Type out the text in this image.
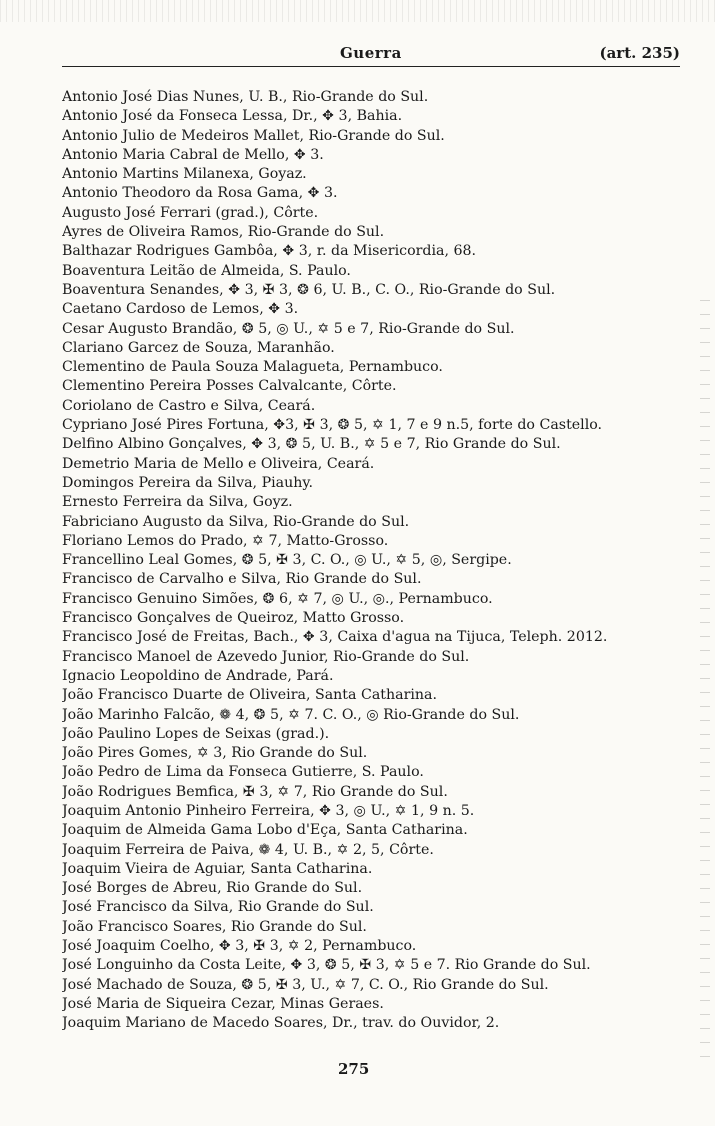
Guerra	(art. 235)
Antonio José Dias Nunes, U. B., Rio-Grande do Sul.
Antonio José da Fonseca Lessa, Dr., ✥ 3, Bahia.
Antonio Julio de Medeiros Mallet, Rio-Grande do Sul.
Antonio Maria Cabral de Mello, ✥ 3.
Antonio Martins Milanexa, Goyaz.
Antonio Theodoro da Rosa Gama, ✥ 3.
Augusto José Ferrari (grad.), Côrte.
Ayres de Oliveira Ramos, Rio-Grande do Sul.
Balthazar Rodrigues Gambôa, ✥ 3, r. da Misericordia, 68.
Boaventura Leitão de Almeida, S. Paulo.
Boaventura Senandes, ✥ 3, ✠ 3, ❂ 6, U. B., C. O., Rio-Grande do Sul.
Caetano Cardoso de Lemos, ✥ 3.
Cesar Augusto Brandão, ❂ 5, ◎ U., ✡ 5 e 7, Rio-Grande do Sul.
Clariano Garcez de Souza, Maranhão.
Clementino de Paula Souza Malagueta, Pernambuco.
Clementino Pereira Posses Calvalcante, Côrte.
Coriolano de Castro e Silva, Ceará.
Cypriano José Pires Fortuna, ✥3, ✠ 3, ❂ 5, ✡ 1, 7 e 9 n.5, forte do Castello.
Delfino Albino Gonçalves, ✥ 3, ❂ 5, U. B., ✡ 5 e 7, Rio Grande do Sul.
Demetrio Maria de Mello e Oliveira, Ceará.
Domingos Pereira da Silva, Piauhy.
Ernesto Ferreira da Silva, Goyz.
Fabriciano Augusto da Silva, Rio-Grande do Sul.
Floriano Lemos do Prado, ✡ 7, Matto-Grosso.
Francellino Leal Gomes, ❂ 5, ✠ 3, C. O., ◎ U., ✡ 5, ◎, Sergipe.
Francisco de Carvalho e Silva, Rio Grande do Sul.
Francisco Genuino Simões, ❂ 6, ✡ 7, ◎ U., ◎., Pernambuco.
Francisco Gonçalves de Queiroz, Matto Grosso.
Francisco José de Freitas, Bach., ✥ 3, Caixa d'agua na Tijuca, Teleph. 2012.
Francisco Manoel de Azevedo Junior, Rio-Grande do Sul.
Ignacio Leopoldino de Andrade, Pará.
João Francisco Duarte de Oliveira, Santa Catharina.
João Marinho Falcão, ❁ 4, ❂ 5, ✡ 7. C. O., ◎ Rio-Grande do Sul.
João Paulino Lopes de Seixas (grad.).
João Pires Gomes, ✡ 3, Rio Grande do Sul.
João Pedro de Lima da Fonseca Gutierre, S. Paulo.
João Rodrigues Bemfica, ✠ 3, ✡ 7, Rio Grande do Sul.
Joaquim Antonio Pinheiro Ferreira, ✥ 3, ◎ U., ✡ 1, 9 n. 5.
Joaquim de Almeida Gama Lobo d'Eça, Santa Catharina.
Joaquim Ferreira de Paiva, ❁ 4, U. B., ✡ 2, 5, Côrte.
Joaquim Vieira de Aguiar, Santa Catharina.
José Borges de Abreu, Rio Grande do Sul.
José Francisco da Silva, Rio Grande do Sul.
João Francisco Soares, Rio Grande do Sul.
José Joaquim Coelho, ✥ 3, ✠ 3, ✡ 2, Pernambuco.
José Longuinho da Costa Leite, ✥ 3, ❂ 5, ✠ 3, ✡ 5 e 7. Rio Grande do Sul.
José Machado de Souza, ❂ 5, ✠ 3, U., ✡ 7, C. O., Rio Grande do Sul.
José Maria de Siqueira Cezar, Minas Geraes.
Joaquim Mariano de Macedo Soares, Dr., trav. do Ouvidor, 2.
275
